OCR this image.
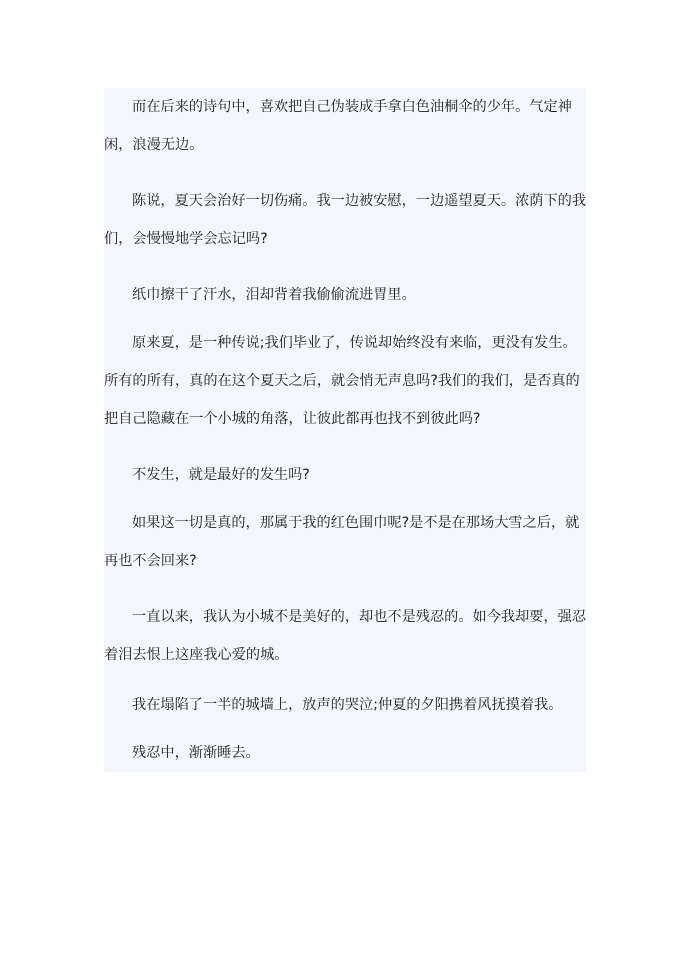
而在后来的诗句中，喜欢把自己伪装成手拿白色油桐伞的少年。气定神闲，浪漫无边。

陈说，夏天会治好一切伤痛。我一边被安慰，一边遥望夏天。浓荫下的我们，会慢慢地学会忘记吗?

纸巾擦干了汗水，泪却背着我偷偷流进胃里。

原来夏，是一种传说;我们毕业了，传说却始终没有来临，更没有发生。所有的所有，真的在这个夏天之后，就会悄无声息吗?我们的我们，是否真的把自己隐藏在一个小城的角落，让彼此都再也找不到彼此吗?

不发生，就是最好的发生吗?

如果这一切是真的，那属于我的红色围巾呢?是不是在那场大雪之后，就再也不会回来?

一直以来，我认为小城不是美好的，却也不是残忍的。如今我却要，强忍着泪去恨上这座我心爱的城。

我在塌陷了一半的城墙上，放声的哭泣;仲夏的夕阳携着风抚摸着我。

残忍中，渐渐睡去。
